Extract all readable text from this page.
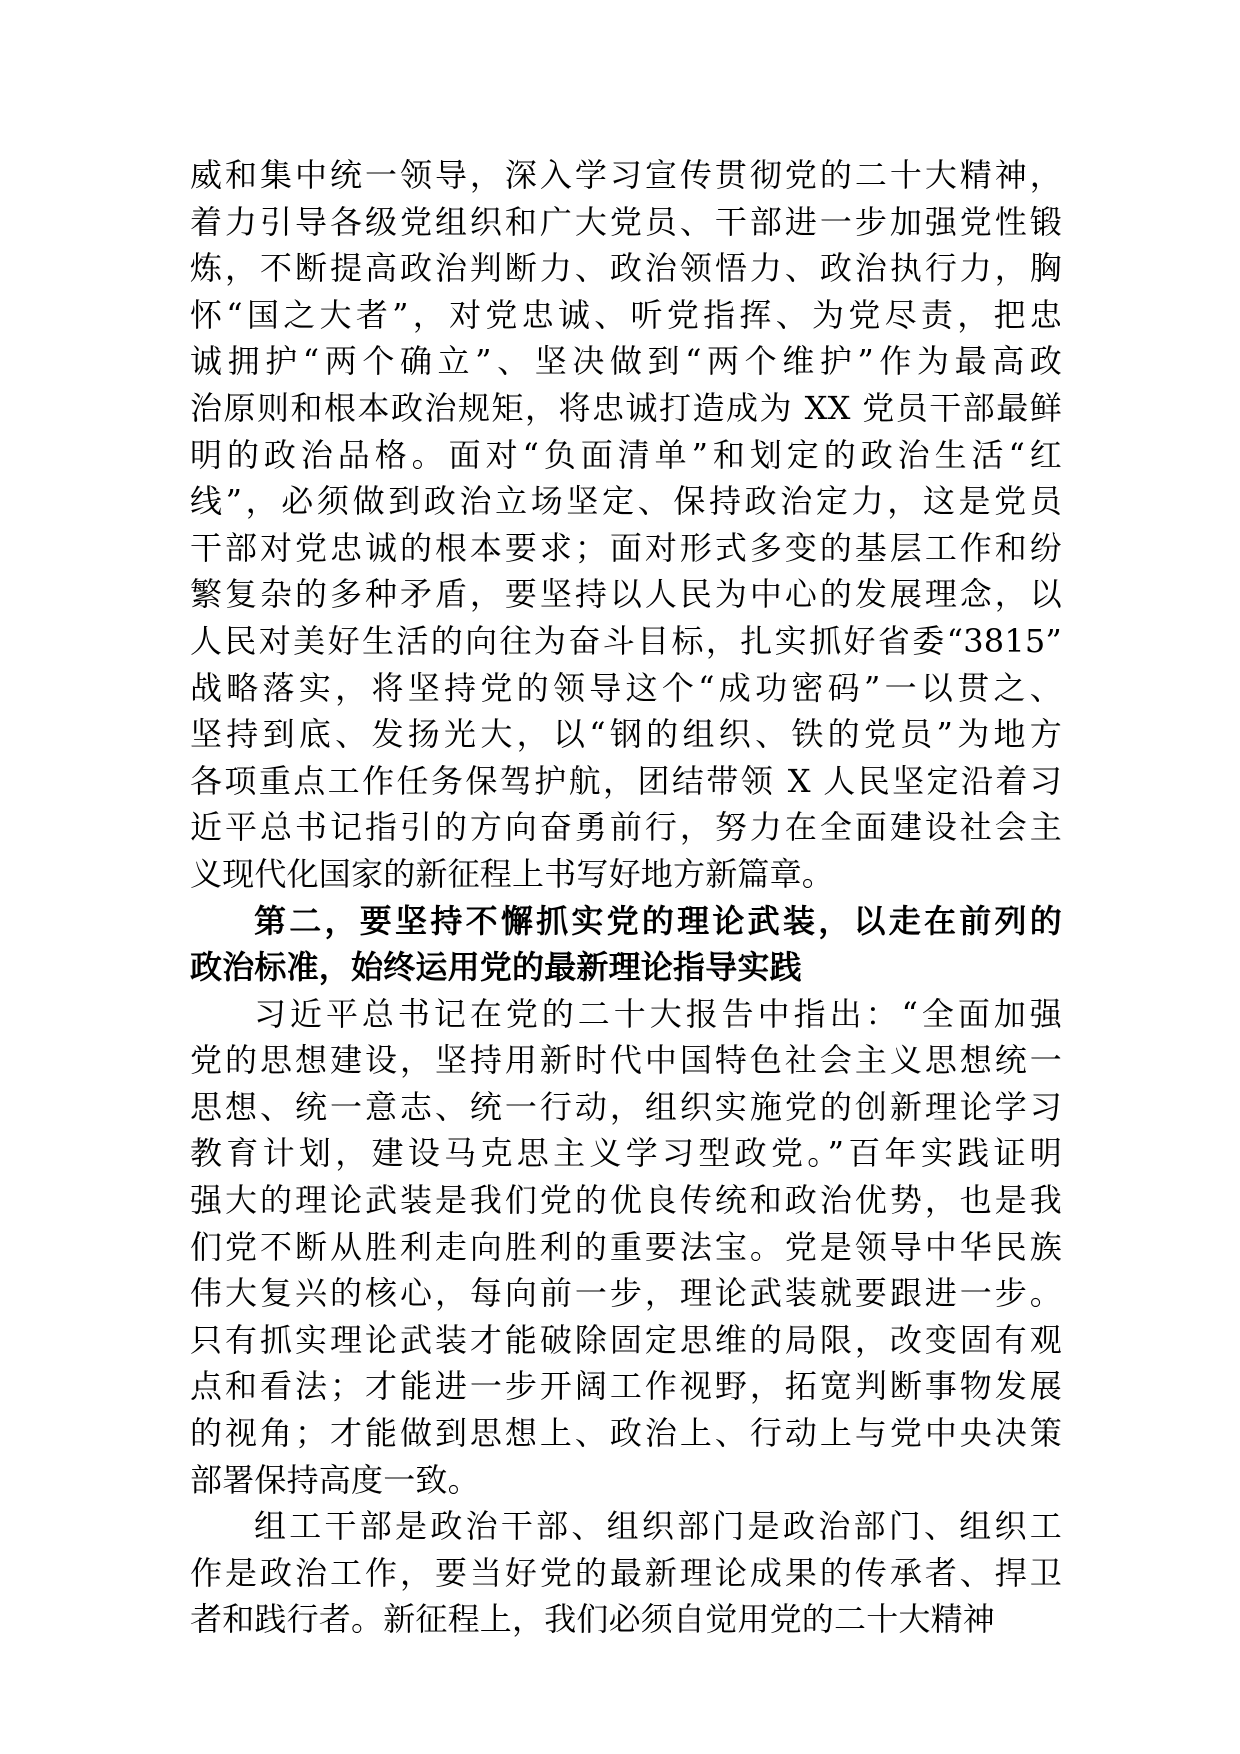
威和集中统一领导，深入学习宣传贯彻党的二十大精神，
着力引导各级党组织和广大党员、干部进一步加强党性锻
炼，不断提高政治判断力、政治领悟力、政治执行力，胸
怀“国之大者”，对党忠诚、听党指挥、为党尽责，把忠
诚拥护“两个确立”、坚决做到“两个维护”作为最高政
治原则和根本政治规矩，将忠诚打造成为 XX 党员干部最鲜
明的政治品格。面对“负面清单”和划定的政治生活“红
线”，必须做到政治立场坚定、保持政治定力，这是党员
干部对党忠诚的根本要求；面对形式多变的基层工作和纷
繁复杂的多种矛盾，要坚持以人民为中心的发展理念，以
人民对美好生活的向往为奋斗目标，扎实抓好省委“3815”
战略落实，将坚持党的领导这个“成功密码”一以贯之、
坚持到底、发扬光大，以“钢的组织、铁的党员”为地方
各项重点工作任务保驾护航，团结带领 X 人民坚定沿着习
近平总书记指引的方向奋勇前行，努力在全面建设社会主
义现代化国家的新征程上书写好地方新篇章。
第二，要坚持不懈抓实党的理论武装，以走在前列的
政治标准，始终运用党的最新理论指导实践
习近平总书记在党的二十大报告中指出：“全面加强
党的思想建设，坚持用新时代中国特色社会主义思想统一
思想、统一意志、统一行动，组织实施党的创新理论学习
教育计划，建设马克思主义学习型政党。”百年实践证明
强大的理论武装是我们党的优良传统和政治优势，也是我
们党不断从胜利走向胜利的重要法宝。党是领导中华民族
伟大复兴的核心，每向前一步，理论武装就要跟进一步。
只有抓实理论武装才能破除固定思维的局限，改变固有观
点和看法；才能进一步开阔工作视野，拓宽判断事物发展
的视角；才能做到思想上、政治上、行动上与党中央决策
部署保持高度一致。
组工干部是政治干部、组织部门是政治部门、组织工
作是政治工作，要当好党的最新理论成果的传承者、捍卫
者和践行者。新征程上，我们必须自觉用党的二十大精神
